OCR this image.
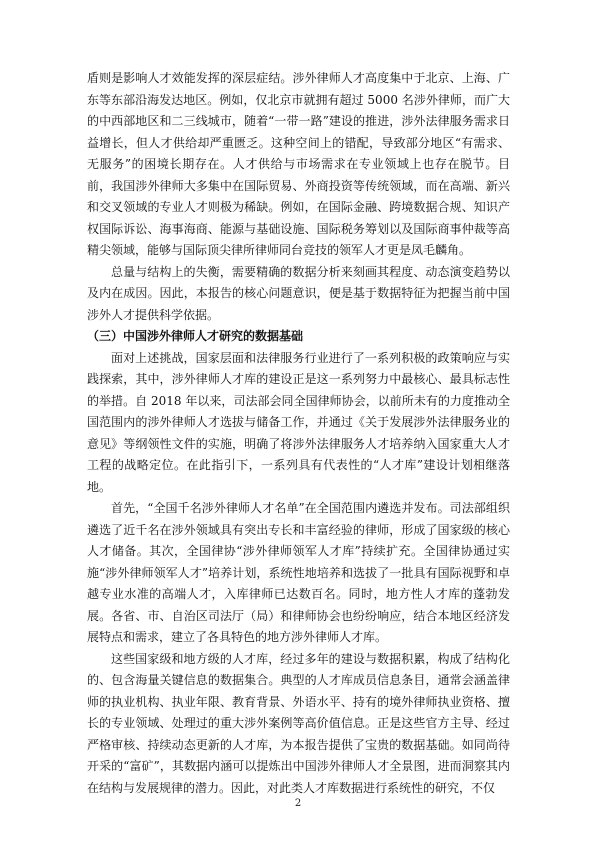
盾则是影响人才效能发挥的深层症结。涉外律师人才高度集中于北京、上海、广东等东部沿海发达地区。例如，仅北京市就拥有超过 5000 名涉外律师，而广大的中西部地区和二三线城市，随着“一带一路”建设的推进，涉外法律服务需求日益增长，但人才供给却严重匮乏。这种空间上的错配，导致部分地区“有需求、无服务”的困境长期存在。人才供给与市场需求在专业领域上也存在脱节。目前，我国涉外律师大多集中在国际贸易、外商投资等传统领域，而在高端、新兴和交叉领域的专业人才则极为稀缺。例如，在国际金融、跨境数据合规、知识产权国际诉讼、海事海商、能源与基础设施、国际税务筹划以及国际商事仲裁等高精尖领域，能够与国际顶尖律所律师同台竞技的领军人才更是凤毛麟角。

总量与结构上的失衡，需要精确的数据分析来刻画其程度、动态演变趋势以及内在成因。因此，本报告的核心问题意识，便是基于数据特征为把握当前中国涉外人才提供科学依据。

（三）中国涉外律师人才研究的数据基础

面对上述挑战，国家层面和法律服务行业进行了一系列积极的政策响应与实践探索，其中，涉外律师人才库的建设正是这一系列努力中最核心、最具标志性的举措。自 2018 年以来，司法部会同全国律师协会，以前所未有的力度推动全国范围内的涉外律师人才选拔与储备工作，并通过《关于发展涉外法律服务业的意见》等纲领性文件的实施，明确了将涉外法律服务人才培养纳入国家重大人才工程的战略定位。在此指引下，一系列具有代表性的“人才库”建设计划相继落地。

首先，“全国千名涉外律师人才名单”在全国范围内遴选并发布。司法部组织遴选了近千名在涉外领域具有突出专长和丰富经验的律师，形成了国家级的核心人才储备。其次，全国律协“涉外律师领军人才库”持续扩充。全国律协通过实施“涉外律师领军人才”培养计划，系统性地培养和选拔了一批具有国际视野和卓越专业水准的高端人才，入库律师已达数百名。同时，地方性人才库的蓬勃发展。各省、市、自治区司法厅（局）和律师协会也纷纷响应，结合本地区经济发展特点和需求，建立了各具特色的地方涉外律师人才库。

这些国家级和地方级的人才库，经过多年的建设与数据积累，构成了结构化的、包含海量关键信息的数据集合。典型的人才库成员信息条目，通常会涵盖律师的执业机构、执业年限、教育背景、外语水平、持有的境外律师执业资格、擅长的专业领域、处理过的重大涉外案例等高价值信息。正是这些官方主导、经过严格审核、持续动态更新的人才库，为本报告提供了宝贵的数据基础。如同尚待开采的“富矿”，其数据内涵可以提炼出中国涉外律师人才全景图，进而洞察其内在结构与发展规律的潜力。因此，对此类人才库数据进行系统性的研究，不仅

2
